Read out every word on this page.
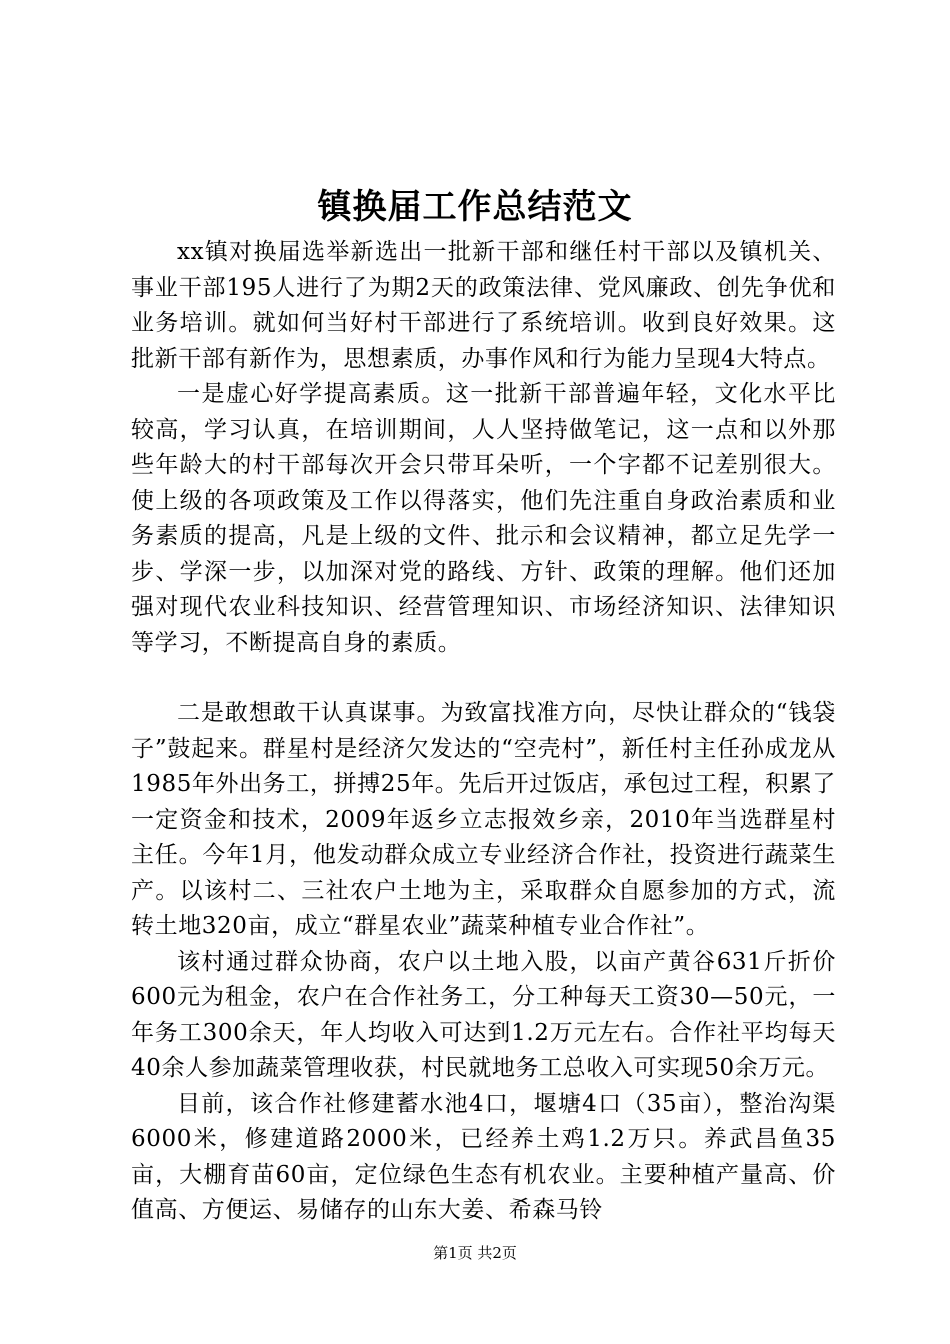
镇换届工作总结范文

xx镇对换届选举新选出一批新干部和继任村干部以及镇机关、事业干部195人进行了为期2天的政策法律、党风廉政、创先争优和业务培训。就如何当好村干部进行了系统培训。收到良好效果。这批新干部有新作为，思想素质，办事作风和行为能力呈现4大特点。

一是虚心好学提高素质。这一批新干部普遍年轻，文化水平比较高，学习认真，在培训期间，人人坚持做笔记，这一点和以外那些年龄大的村干部每次开会只带耳朵听，一个字都不记差别很大。使上级的各项政策及工作以得落实，他们先注重自身政治素质和业务素质的提高，凡是上级的文件、批示和会议精神，都立足先学一步、学深一步，以加深对党的路线、方针、政策的理解。他们还加强对现代农业科技知识、经营管理知识、市场经济知识、法律知识等学习，不断提高自身的素质。

二是敢想敢干认真谋事。为致富找准方向，尽快让群众的“钱袋子”鼓起来。群星村是经济欠发达的“空壳村”，新任村主任孙成龙从1985年外出务工，拼搏25年。先后开过饭店，承包过工程，积累了一定资金和技术，2009年返乡立志报效乡亲，2010年当选群星村主任。今年1月，他发动群众成立专业经济合作社，投资进行蔬菜生产。以该村二、三社农户土地为主，采取群众自愿参加的方式，流转土地320亩，成立“群星农业”蔬菜种植专业合作社”。

该村通过群众协商，农户以土地入股，以亩产黄谷631斤折价600元为租金，农户在合作社务工，分工种每天工资30—50元，一年务工300余天，年人均收入可达到1.2万元左右。合作社平均每天40余人参加蔬菜管理收获，村民就地务工总收入可实现50余万元。

目前，该合作社修建蓄水池4口，堰塘4口（35亩），整治沟渠6000米，修建道路2000米，已经养土鸡1.2万只。养武昌鱼35亩，大棚育苗60亩，定位绿色生态有机农业。主要种植产量高、价值高、方便运、易储存的山东大姜、希森马铃

第1页 共2页
